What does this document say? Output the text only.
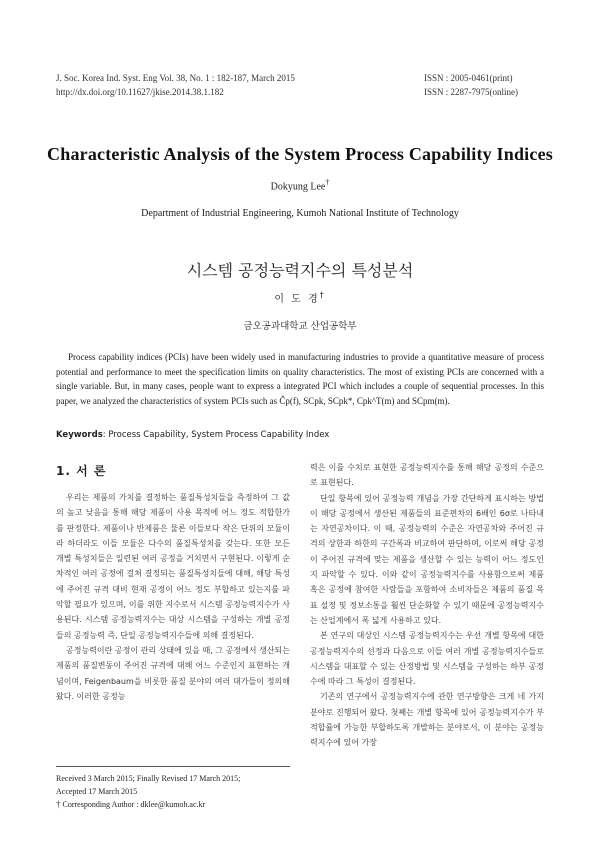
J. Soc. Korea Ind. Syst. Eng Vol. 38, No. 1 : 182-187, March 2015
http://dx.doi.org/10.11627/jkise.2014.38.1.182
ISSN : 2005-0461(print)
ISSN : 2287-7975(online)
Characteristic Analysis of the System Process Capability Indices
Dokyung Lee†
Department of Industrial Engineering, Kumoh National Institute of Technology
시스템 공정능력지수의 특성분석
이 도 경†
금오공과대학교 산업공학부

Process capability indices (PCIs) have been widely used in manufacturing industries to provide a quantitative measure of process potential and performance to meet the specification limits on quality characteristics. The most of existing PCIs are concerned with a single variable. But, in many cases, people want to express a integrated PCI which includes a couple of sequential processes. In this paper, we analyzed the characteristics of system PCIs such as Ĉp(f), SCpk, SCpk*, Cpk^T(m) and SCpm(m).

Keywords: Process Capability, System Process Capability Index
1. 서 론

우리는 제품의 가치를 결정하는 품질특성치들을 측정하여 그 값의 높고 낮음을 통해 해당 제품이 사용 목적에 어느 정도 적합한가를 판정한다. 제품이나 반제품은 물론 이들보다 작은 단위의 모듈이라 하더라도 이들 모듈은 다수의 품질특성치를 갖는다. 또한 모든 개별 특성치들은 일련된 여러 공정을 거치면서 구현된다. 이렇게 순차적인 여러 공정에 걸쳐 결정되는 품질특성치들에 대해, 해당 특성에 주어진 규격 대비 현재 공정이 어느 정도 부합하고 있는지를 파악할 필요가 있으며, 이를 위한 지수로서 시스템 공정능력지수가 사용된다. 시스템 공정능력지수는 대상 시스템을 구성하는 개별 공정들의 공정능력 즉, 단일 공정능력지수들에 의해 결정된다.

공정능력이란 공정이 관리 상태에 있을 때, 그 공정에서 생산되는 제품의 품질변동이 주어진 규격에 대해 어느 수준인지 표현하는 개념이며, Feigenbaum을 비롯한 품질 분야의 여러 대가들이 정의해 왔다. 이러한 공정능

Received 3 March 2015; Finally Revised 17 March 2015;
Accepted 17 March 2015
† Corresponding Author : dklee@kumoh.ac.kr

력은 이를 수치로 표현한 공정능력지수를 통해 해당 공정의 수준으로 표현된다.

단일 항목에 있어 공정능력 개념을 가장 간단하게 표시하는 방법이 해당 공정에서 생산된 제품들의 표준편차의 6배인 6σ로 나타내는 자연공차이다. 이 때, 공정능력의 수준은 자연공차와 주어진 규격의 상한과 하한의 구간폭과 비교하여 판단하며, 이로써 해당 공정이 주어진 규격에 맞는 제품을 생산할 수 있는 능력이 어느 정도인지 파악할 수 있다. 이와 같이 공정능력지수를 사용함으로써 제품 혹은 공정에 참여한 사람들을 포함하여 소비자들은 제품의 품질 목표 설정 및 정보소통을 훨씬 단순화할 수 있기 때문에 공정능력지수는 산업계에서 폭 넓게 사용하고 있다.

본 연구의 대상인 시스템 공정능력지수는 우선 개별 항목에 대한 공정능력지수의 선정과 다음으로 이들 여러 개별 공정능력지수들로 시스템을 대표할 수 있는 산정방법 및 시스템을 구성하는 하부 공정 수에 따라 그 특성이 결정된다.

기존의 연구에서 공정능력지수에 관한 연구방향은 크게 네 가지 분야로 진행되어 왔다. 첫째는 개별 항목에 있어 공정능력지수가 부적합률에 가능한 부합하도록 개발하는 분야로서, 이 분야는 공정능력지수에 있어 가장
